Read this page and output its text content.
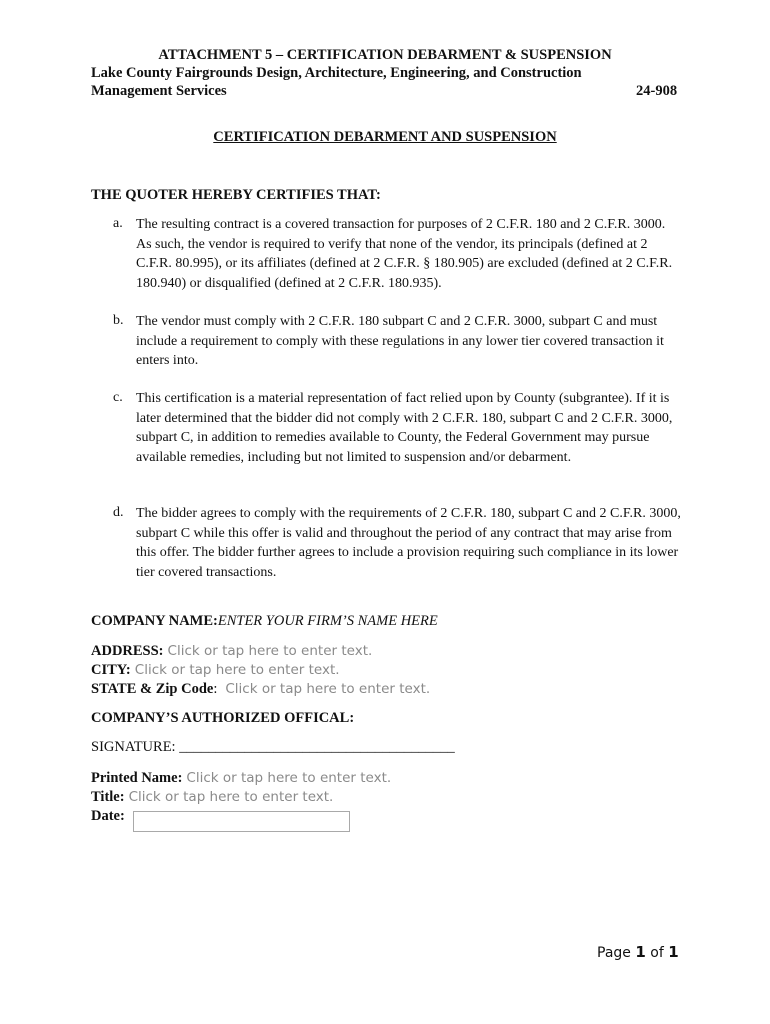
ATTACHMENT 5 – CERTIFICATION DEBARMENT & SUSPENSION
Lake County Fairgrounds Design, Architecture, Engineering, and Construction
Management Services	24-908
CERTIFICATION DEBARMENT AND SUSPENSION
THE QUOTER HEREBY CERTIFIES THAT:
a. The resulting contract is a covered transaction for purposes of 2 C.F.R. 180 and 2 C.F.R. 3000. As such, the vendor is required to verify that none of the vendor, its principals (defined at 2 C.F.R. 80.995), or its affiliates (defined at 2 C.F.R. § 180.905) are excluded (defined at 2 C.F.R. 180.940) or disqualified (defined at 2 C.F.R. 180.935).
b. The vendor must comply with 2 C.F.R. 180 subpart C and 2 C.F.R. 3000, subpart C and must include a requirement to comply with these regulations in any lower tier covered transaction it enters into.
c. This certification is a material representation of fact relied upon by County (subgrantee). If it is later determined that the bidder did not comply with 2 C.F.R. 180, subpart C and 2 C.F.R. 3000, subpart C, in addition to remedies available to County, the Federal Government may pursue available remedies, including but not limited to suspension and/or debarment.
d. The bidder agrees to comply with the requirements of 2 C.F.R. 180, subpart C and 2 C.F.R. 3000, subpart C while this offer is valid and throughout the period of any contract that may arise from this offer. The bidder further agrees to include a provision requiring such compliance in its lower tier covered transactions.
COMPANY NAME:ENTER YOUR FIRM’S NAME HERE
ADDRESS: Click or tap here to enter text.
CITY: Click or tap here to enter text.
STATE & Zip Code: Click or tap here to enter text.
COMPANY’S AUTHORIZED OFFICAL:
SIGNATURE: ______________________________________
Printed Name: Click or tap here to enter text.
Title: Click or tap here to enter text.
Date:
Page 1 of 1
